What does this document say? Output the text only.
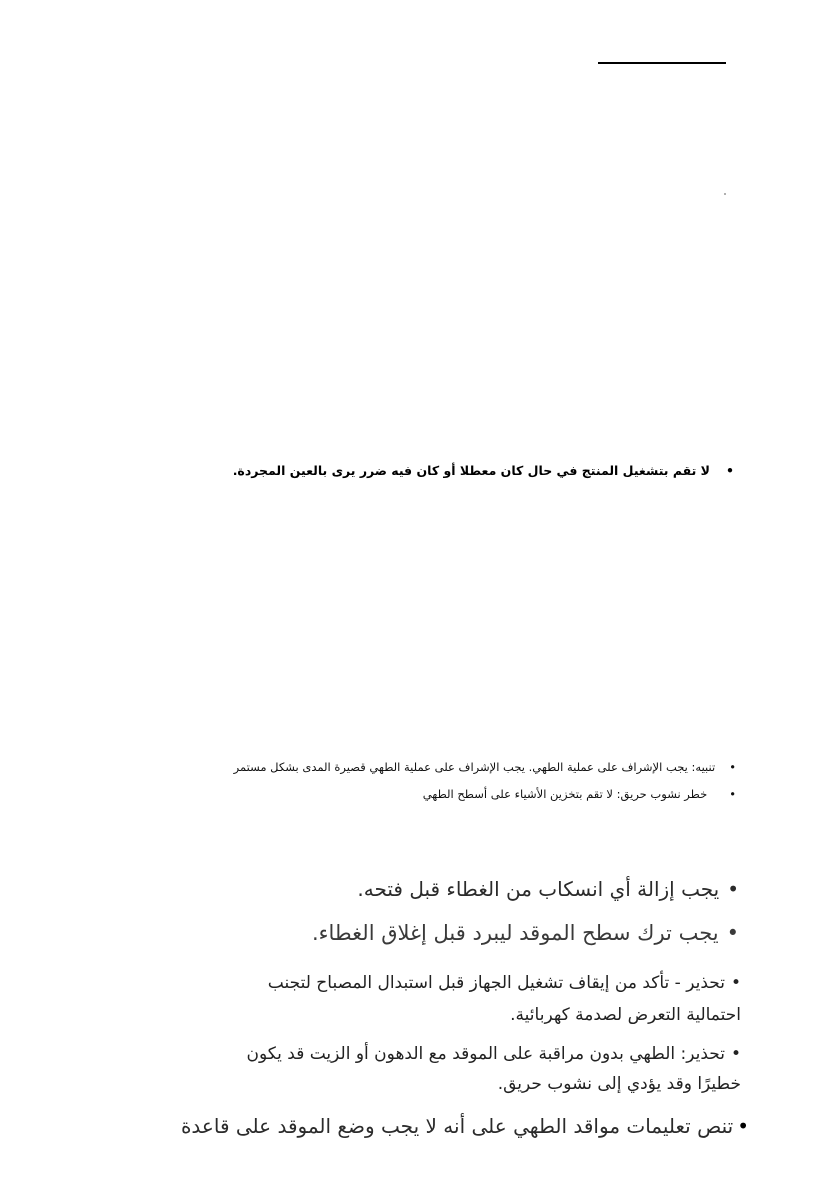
•لا تقم بتشغيل المنتج في حال كان معطلا أو كان فيه ضرر يرى بالعين المجردة.
•تنبيه: يجب الإشراف على عملية الطهي. يجب الإشراف على عملية الطهي قصيرة المدى بشكل مستمر
•خطر نشوب حريق: لا تقم بتخزين الأشياء على أسطح الطهي
•يجب إزالة أي انسكاب من الغطاء قبل فتحه.
•يجب ترك سطح الموقد ليبرد قبل إغلاق الغطاء.
•تحذير - تأكد من إيقاف تشغيل الجهاز قبل استبدال المصباح لتجنب
احتمالية التعرض لصدمة كهربائية.
•تحذير: الطهي بدون مراقبة على الموقد مع الدهون أو الزيت قد يكون
خطيرًا وقد يؤدي إلى نشوب حريق.
•تنص تعليمات مواقد الطهي على أنه لا يجب وضع الموقد على قاعدة
